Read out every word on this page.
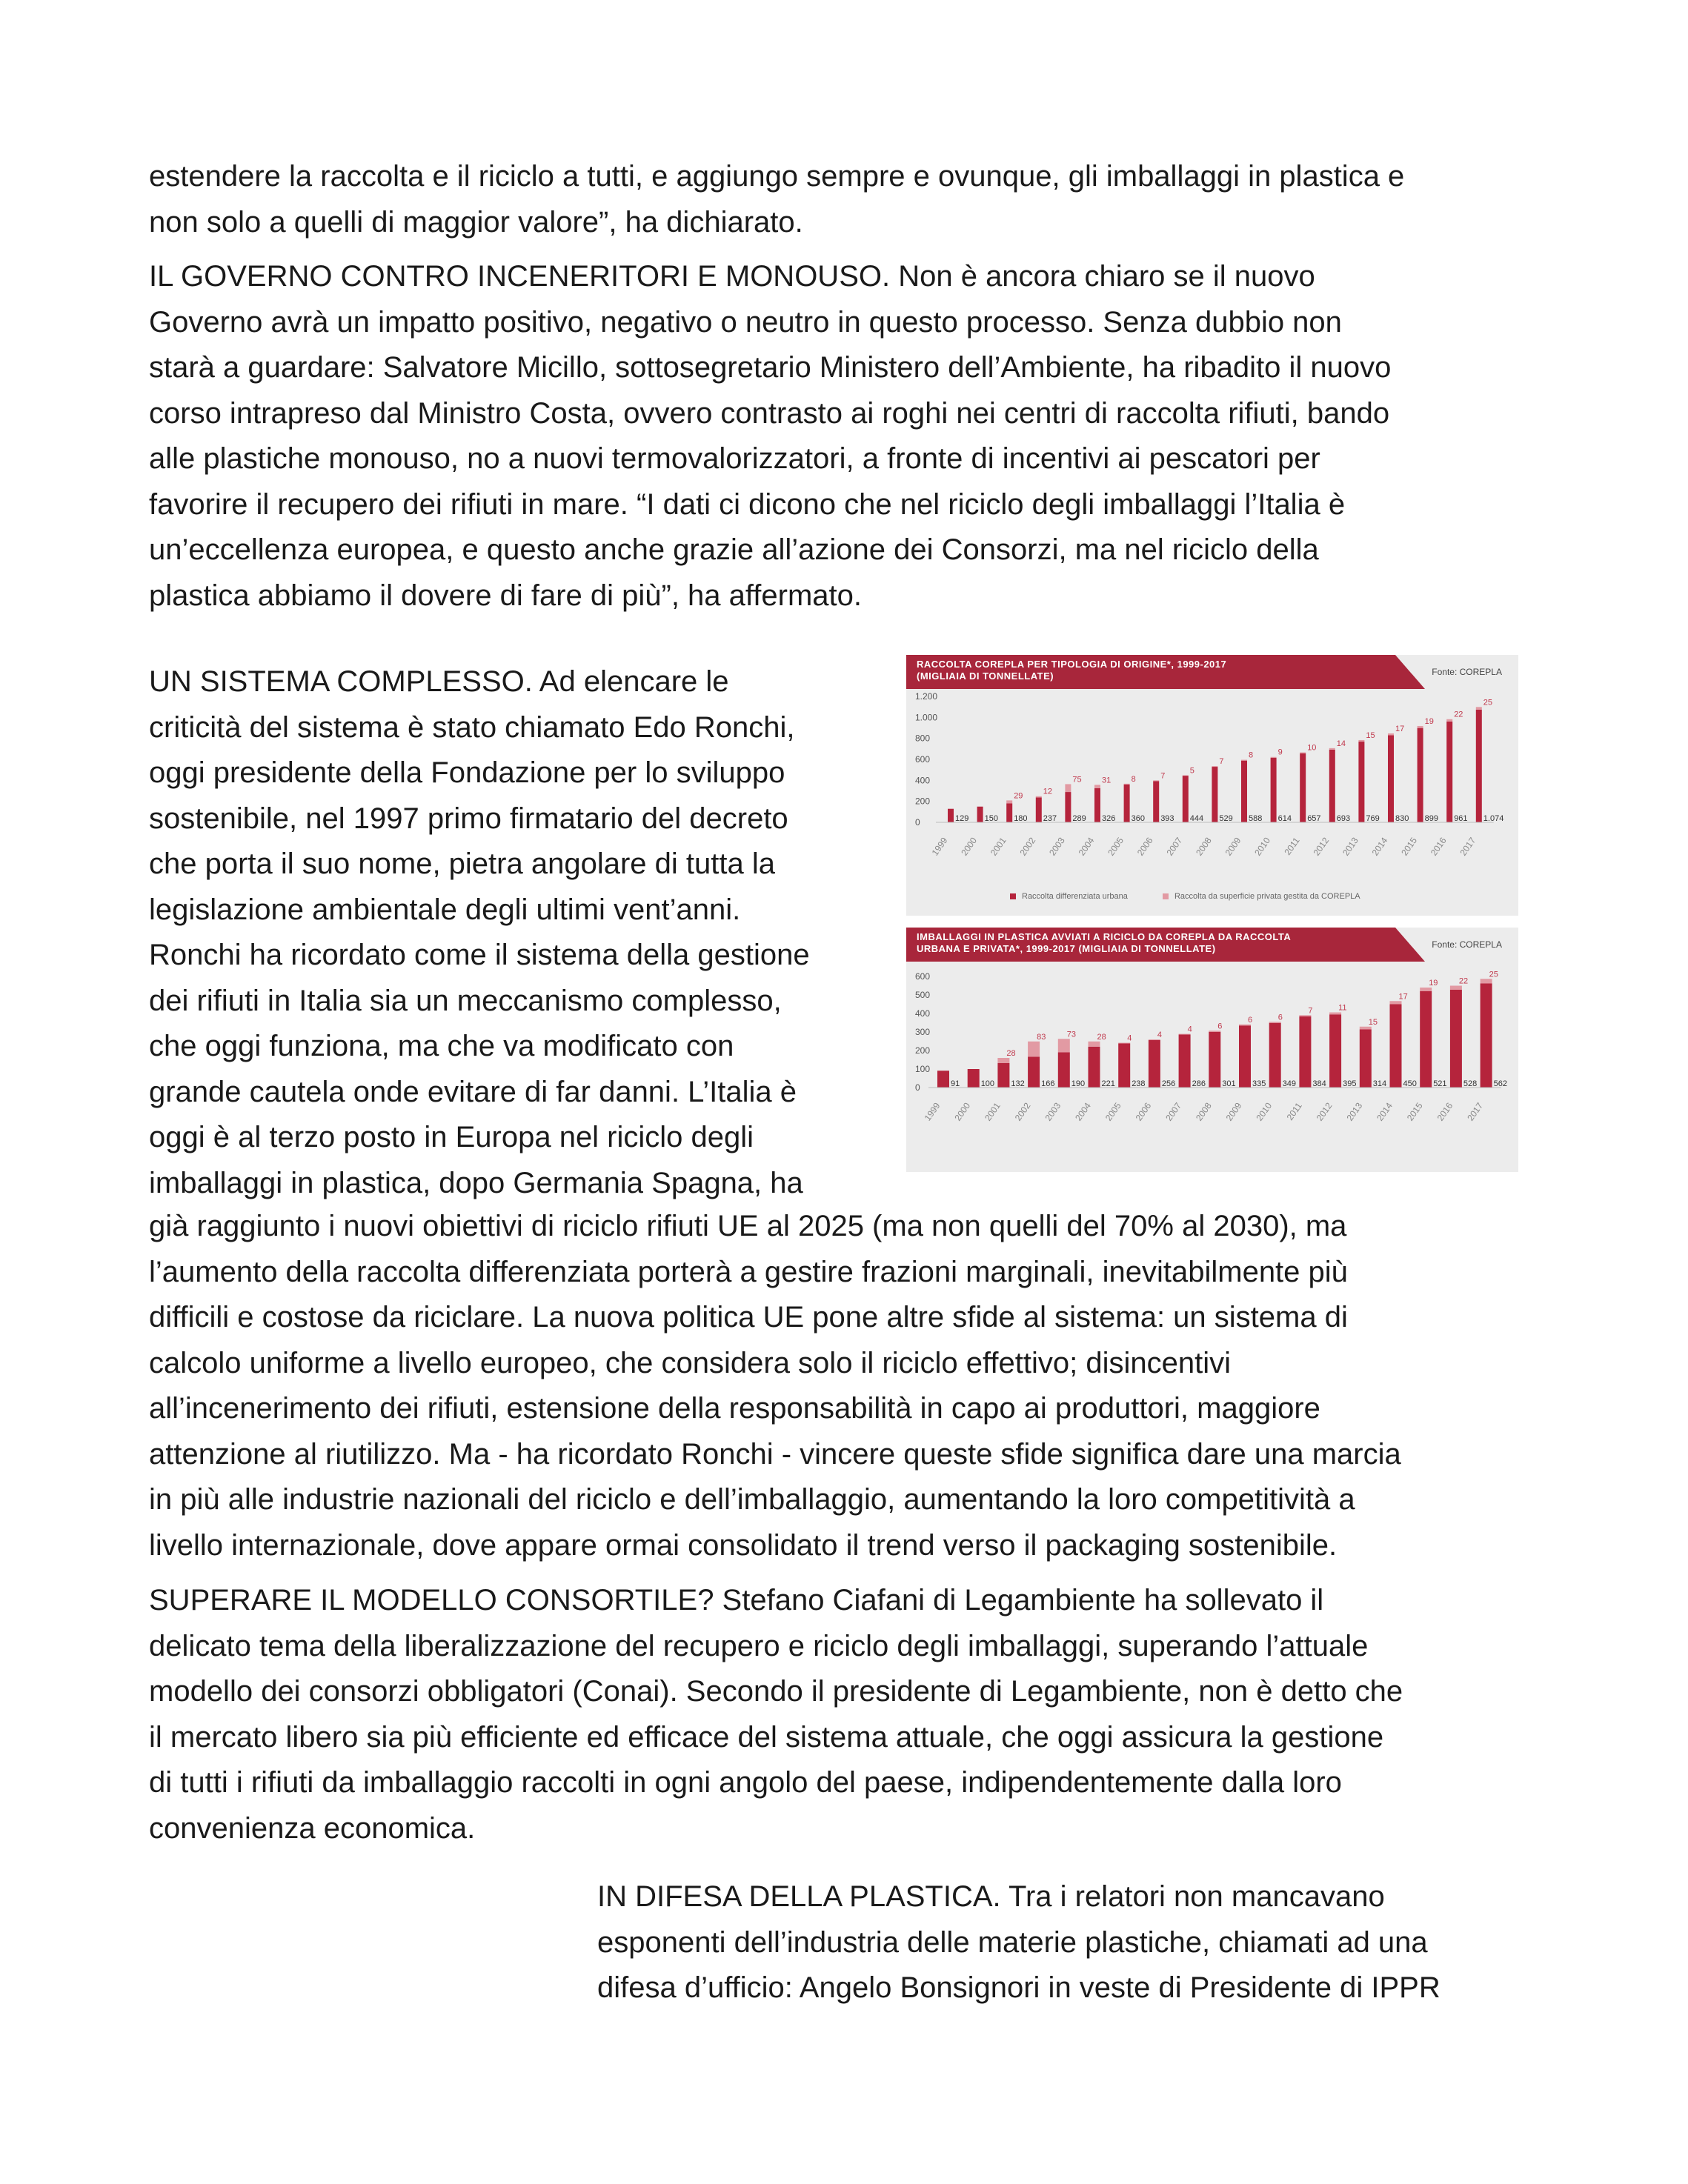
estendere la raccolta e il riciclo a tutti, e aggiungo sempre e ovunque, gli imballaggi in plastica e
non solo a quelli di maggior valore”, ha dichiarato.
IL GOVERNO CONTRO INCENERITORI E MONOUSO. Non è ancora chiaro se il nuovo
Governo avrà un impatto positivo, negativo o neutro in questo processo. Senza dubbio non
starà a guardare: Salvatore Micillo, sottosegretario Ministero dell’Ambiente, ha ribadito il nuovo
corso intrapreso dal Ministro Costa, ovvero contrasto ai roghi nei centri di raccolta rifiuti, bando
alle plastiche monouso, no a nuovi termovalorizzatori, a fronte di incentivi ai pescatori per
favorire il recupero dei rifiuti in mare. “I dati ci dicono che nel riciclo degli imballaggi l’Italia è
un’eccellenza europea, e questo anche grazie all’azione dei Consorzi, ma nel riciclo della
plastica abbiamo il dovere di fare di più”, ha affermato.
UN SISTEMA COMPLESSO. Ad elencare le
criticità del sistema è stato chiamato Edo Ronchi,
oggi presidente della Fondazione per lo sviluppo
sostenibile, nel 1997 primo firmatario del decreto
che porta il suo nome, pietra angolare di tutta la
legislazione ambientale degli ultimi vent’anni.
Ronchi ha ricordato come il sistema della gestione
dei rifiuti in Italia sia un meccanismo complesso,
che oggi funziona, ma che va modificato con
grande cautela onde evitare di far danni. L’Italia è
oggi è al terzo posto in Europa nel riciclo degli
imballaggi in plastica, dopo Germania Spagna, ha
RACCOLTA COREPLA PER TIPOLOGIA DI ORIGINE*, 1999-2017
(MIGLIAIA DI TONNELLATE)	Fonte: COREPLA
0
200
400
600
800
1.000
1.200
129
1999
150
2000
29
180
2001
12
237
2002
75
289
2003
31
326
2004
8
360
2005
7
393
2006
5
444
2007
7
529
2008
8
588
2009
9
614
2010
10
657
2011
14
693
2012
15
769
2013
17
830
2014
19
899
2015
22
961
2016
25
1.074
2017
Raccolta differenziata urbana	Raccolta da superficie privata gestita da COREPLA
IMBALLAGGI IN PLASTICA AVVIATI A RICICLO DA COREPLA DA RACCOLTA
URBANA E PRIVATA*, 1999-2017 (MIGLIAIA DI TONNELLATE)	Fonte: COREPLA
0
100
200
300
400
500
600
91
1999
100
2000
28
132
2001
83
166
2002
73
190
2003
28
221
2004
4
238
2005
4
256
2006
4
286
2007
6
301
2008
6
335
2009
6
349
2010
7
384
2011
11
395
2012
15
314
2013
17
450
2014
19
521
2015
22
528
2016
25
562
2017
già raggiunto i nuovi obiettivi di riciclo rifiuti UE al 2025 (ma non quelli del 70% al 2030), ma
l’aumento della raccolta differenziata porterà a gestire frazioni marginali, inevitabilmente più
difficili e costose da riciclare. La nuova politica UE pone altre sfide al sistema: un sistema di
calcolo uniforme a livello europeo, che considera solo il riciclo effettivo; disincentivi
all’incenerimento dei rifiuti, estensione della responsabilità in capo ai produttori, maggiore
attenzione al riutilizzo. Ma - ha ricordato Ronchi - vincere queste sfide significa dare una marcia
in più alle industrie nazionali del riciclo e dell’imballaggio, aumentando la loro competitività a
livello internazionale, dove appare ormai consolidato il trend verso il packaging sostenibile.
SUPERARE IL MODELLO CONSORTILE? Stefano Ciafani di Legambiente ha sollevato il
delicato tema della liberalizzazione del recupero e riciclo degli imballaggi, superando l’attuale
modello dei consorzi obbligatori (Conai). Secondo il presidente di Legambiente, non è detto che
il mercato libero sia più efficiente ed efficace del sistema attuale, che oggi assicura la gestione
di tutti i rifiuti da imballaggio raccolti in ogni angolo del paese, indipendentemente dalla loro
convenienza economica.
IN DIFESA DELLA PLASTICA. Tra i relatori non mancavano
esponenti dell’industria delle materie plastiche, chiamati ad una
difesa d’ufficio: Angelo Bonsignori in veste di Presidente di IPPR
